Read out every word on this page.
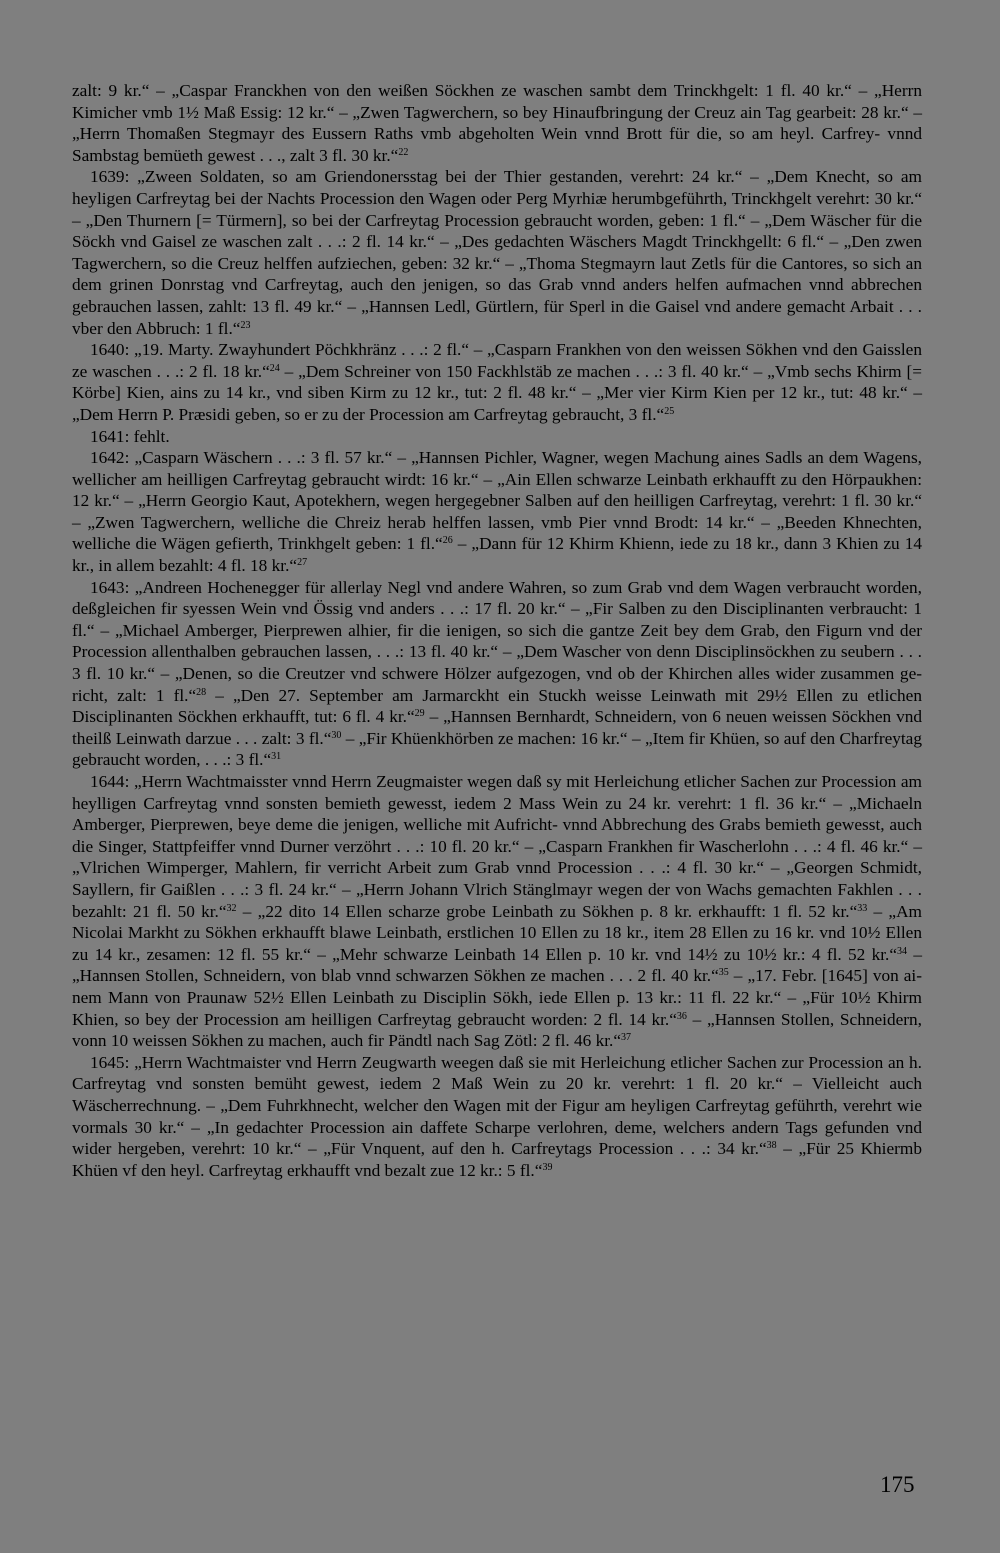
zalt: 9 kr.“ – „Caspar Franckhen von den weißen Söckhen ze waschen sambt dem Trinckhgelt: 1 fl. 40 kr.“ – „Herrn Kimicher vmb 1½ Maß Essig: 12 kr.“ – „Zwen Tagwerchern, so bey Hinaufbringung der Creuz ain Tag gearbeit: 28 kr.“ – „Herrn Thomaßen Stegmayr des Eussern Raths vmb abgeholten Wein vnnd Brott für die, so am heyl. Carfrey- vnnd Sambstag bemüeth gewest . . ., zalt 3 fl. 30 kr.“$^{22}$

1639: „Zween Soldaten, so am Griendonersstag bei der Thier gestanden, verehrt: 24 kr.“ – „Dem Knecht, so am heyligen Carfreytag bei der Nachts Procession den Wagen oder Perg Myrhiæ herumbgeführth, Trinckhgelt verehrt: 30 kr.“ – „Den Thurnern [= Türmern], so bei der Carfreytag Procession gebraucht worden, geben: 1 fl.“ – „Dem Wäscher für die Söckh vnd Gaisel ze waschen zalt . . .: 2 fl. 14 kr.“ – „Des gedachten Wäschers Magdt Trinckhgellt: 6 fl.“ – „Den zwen Tagwerchern, so die Creuz helffen aufziechen, geben: 32 kr.“ – „Thoma Stegmayrn laut Zetls für die Cantores, so sich an dem grinen Donrstag vnd Carfreytag, auch den jenigen, so das Grab vnnd anders helfen aufmachen vnnd abbrechen gebrauchen lassen, zahlt: 13 fl. 49 kr.“ – „Hannsen Ledl, Gürtlern, für Sperl in die Gaisel vnd andere gemacht Arbait . . . vber den Abbruch: 1 fl.“$^{23}$

1640: „19. Marty. Zwayhundert Pöchkhränz . . .: 2 fl.“ – „Casparn Frankhen von den weissen Sökhen vnd den Gaisslen ze waschen . . .: 2 fl. 18 kr.“$^{24}$ – „Dem Schreiner von 150 Fackhlstäb ze machen . . .: 3 fl. 40 kr.“ – „Vmb sechs Khirm [= Körbe] Kien, ains zu 14 kr., vnd siben Kirm zu 12 kr., tut: 2 fl. 48 kr.“ – „Mer vier Kirm Kien per 12 kr., tut: 48 kr.“ – „Dem Herrn P. Præsidi geben, so er zu der Procession am Carfreytag gebraucht, 3 fl.“$^{25}$

1641: fehlt.

1642: „Casparn Wäschern . . .: 3 fl. 57 kr.“ – „Hannsen Pichler, Wagner, wegen Machung aines Sadls an dem Wagens, wellicher am heilligen Carfreytag gebraucht wirdt: 16 kr.“ – „Ain Ellen schwarze Leinbath erkhaufft zu den Hörpaukhen: 12 kr.“ – „Herrn Georgio Kaut, Apotekhern, wegen hergegebner Salben auf den heilligen Carfreytag, verehrt: 1 fl. 30 kr.“ – „Zwen Tagwerchern, welliche die Chreiz herab helffen lassen, vmb Pier vnnd Brodt: 14 kr.“ – „Beeden Khnechten, welliche die Wägen gefierth, Trinkhgelt geben: 1 fl.“$^{26}$ – „Dann für 12 Khirm Khienn, iede zu 18 kr., dann 3 Khien zu 14 kr., in allem bezahlt: 4 fl. 18 kr.“$^{27}$

1643: „Andreen Hochenegger für allerlay Negl vnd andere Wahren, so zum Grab vnd dem Wagen verbraucht worden, deßgleichen fir syessen Wein vnd Össig vnd anders . . .: 17 fl. 20 kr.“ – „Fir Salben zu den Disciplinanten verbraucht: 1 fl.“ – „Michael Amberger, Pierprewen alhier, fir die ienigen, so sich die gantze Zeit bey dem Grab, den Figurn vnd der Procession allenthalben gebrauchen lassen, . . .: 13 fl. 40 kr.“ – „Dem Wascher von denn Disciplinsöckhen zu seubern . . . 3 fl. 10 kr.“ – „Denen, so die Creutzer vnd schwere Hölzer aufgezogen, vnd ob der Khirchen alles wider zusammen gericht, zalt: 1 fl.“$^{28}$ – „Den 27. September am Jarmarckht ein Stuckh weisse Leinwath mit 29½ Ellen zu etlichen Disciplinanten Söckhen erkhaufft, tut: 6 fl. 4 kr.“$^{29}$ – „Hannsen Bernhardt, Schneidern, von 6 neuen weissen Söckhen vnd theilß Leinwath darzue . . . zalt: 3 fl.“$^{30}$ – „Fir Khüenkhörben ze machen: 16 kr.“ – „Item fir Khüen, so auf den Charfreytag gebraucht worden, . . .: 3 fl.“$^{31}$

1644: „Herrn Wachtmaisster vnnd Herrn Zeugmaister wegen daß sy mit Herleichung etlicher Sachen zur Procession am heylligen Carfreytag vnnd sonsten bemieth gewesst, iedem 2 Mass Wein zu 24 kr. verehrt: 1 fl. 36 kr.“ – „Michaeln Amberger, Pierprewen, beye deme die jenigen, welliche mit Aufricht- vnnd Abbrechung des Grabs bemieth gewesst, auch die Singer, Stattpfeiffer vnnd Durner verzöhrt . . .: 10 fl. 20 kr.“ – „Casparn Frankhen fir Wascherlohn . . .: 4 fl. 46 kr.“ – „Vlrichen Wimperger, Mahlern, fir verricht Arbeit zum Grab vnnd Procession . . .: 4 fl. 30 kr.“ – „Georgen Schmidt, Sayllern, fir Gaißlen . . .: 3 fl. 24 kr.“ – „Herrn Johann Vlrich Stänglmayr wegen der von Wachs gemachten Fakhlen . . . bezahlt: 21 fl. 50 kr.“$^{32}$ – „22 dito 14 Ellen scharze grobe Leinbath zu Sökhen p. 8 kr. erkhaufft: 1 fl. 52 kr.“$^{33}$ – „Am Nicolai Markht zu Sökhen erkhaufft blawe Leinbath, erstlichen 10 Ellen zu 18 kr., item 28 Ellen zu 16 kr. vnd 10½ Ellen zu 14 kr., zesamen: 12 fl. 55 kr.“ – „Mehr schwarze Leinbath 14 Ellen p. 10 kr. vnd 14½ zu 10½ kr.: 4 fl. 52 kr.“$^{34}$ – „Hannsen Stollen, Schneidern, von blab vnnd schwarzen Sökhen ze machen . . . 2 fl. 40 kr.“$^{35}$ – „17. Febr. [1645] von ainem Mann von Praunaw 52½ Ellen Leinbath zu Disciplin Sökh, iede Ellen p. 13 kr.: 11 fl. 22 kr.“ – „Für 10½ Khirm Khien, so bey der Procession am heilligen Carfreytag gebraucht worden: 2 fl. 14 kr.“$^{36}$ – „Hannsen Stollen, Schneidern, vonn 10 weissen Sökhen zu machen, auch fir Pändtl nach Sag Zötl: 2 fl. 46 kr.“$^{37}$

1645: „Herrn Wachtmaister vnd Herrn Zeugwarth weegen daß sie mit Herleichung etlicher Sachen zur Procession an h. Carfreytag vnd sonsten bemüht gewest, iedem 2 Maß Wein zu 20 kr. verehrt: 1 fl. 20 kr.“ – Vielleicht auch Wäscherrechnung. – „Dem Fuhrkhnecht, welcher den Wagen mit der Figur am heyligen Carfreytag geführth, verehrt wie vormals 30 kr.“ – „In gedachter Procession ain daffete Scharpe verlohren, deme, welchers andern Tags gefunden vnd wider hergeben, verehrt: 10 kr.“ – „Für Vnquent, auf den h. Carfreytags Procession . . .: 34 kr.“$^{38}$ – „Für 25 Khiermb Khüen vf den heyl. Carfreytag erkhaufft vnd bezalt zue 12 kr.: 5 fl.“$^{39}$

175
